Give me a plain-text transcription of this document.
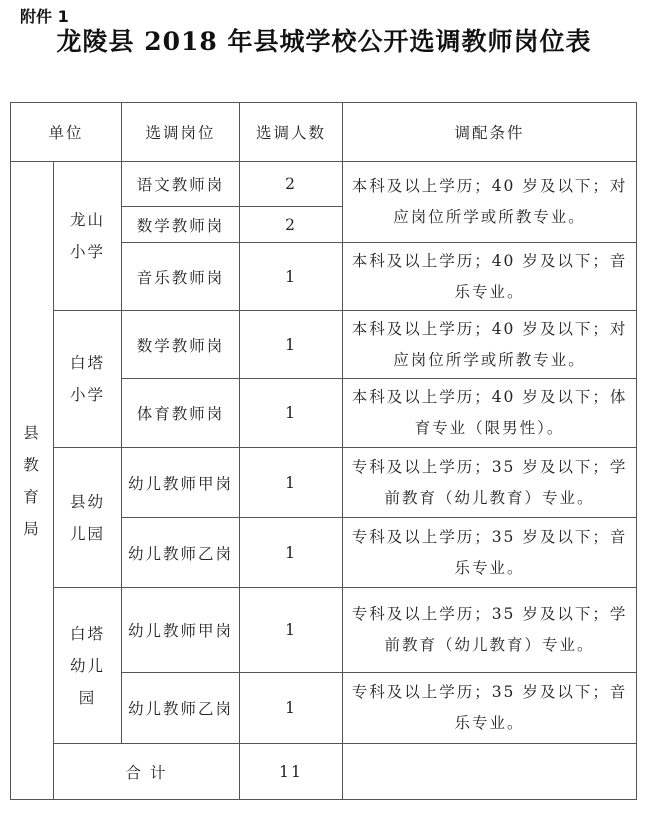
附件 1
龙陵县 2018 年县城学校公开选调教师岗位表
单位		选调岗位	选调人数	调配条件
县教育局	龙山小学	语文教师岗	2	本科及以上学历；40 岁及以下；对应岗位所学或所教专业。
		数学教师岗	2	
		音乐教师岗	1	本科及以上学历；40 岁及以下；音乐专业。
	白塔小学	数学教师岗	1	本科及以上学历；40 岁及以下；对应岗位所学或所教专业。
		体育教师岗	1	本科及以上学历；40 岁及以下；体育专业（限男性）。
	县幼儿园	幼儿教师甲岗	1	专科及以上学历；35 岁及以下；学前教育（幼儿教育）专业。
		幼儿教师乙岗	1	专科及以上学历；35 岁及以下；音乐专业。
	白塔幼儿园	幼儿教师甲岗	1	专科及以上学历；35 岁及以下；学前教育（幼儿教育）专业。
		幼儿教师乙岗	1	专科及以上学历；35 岁及以下；音乐专业。
	合 计		11	
